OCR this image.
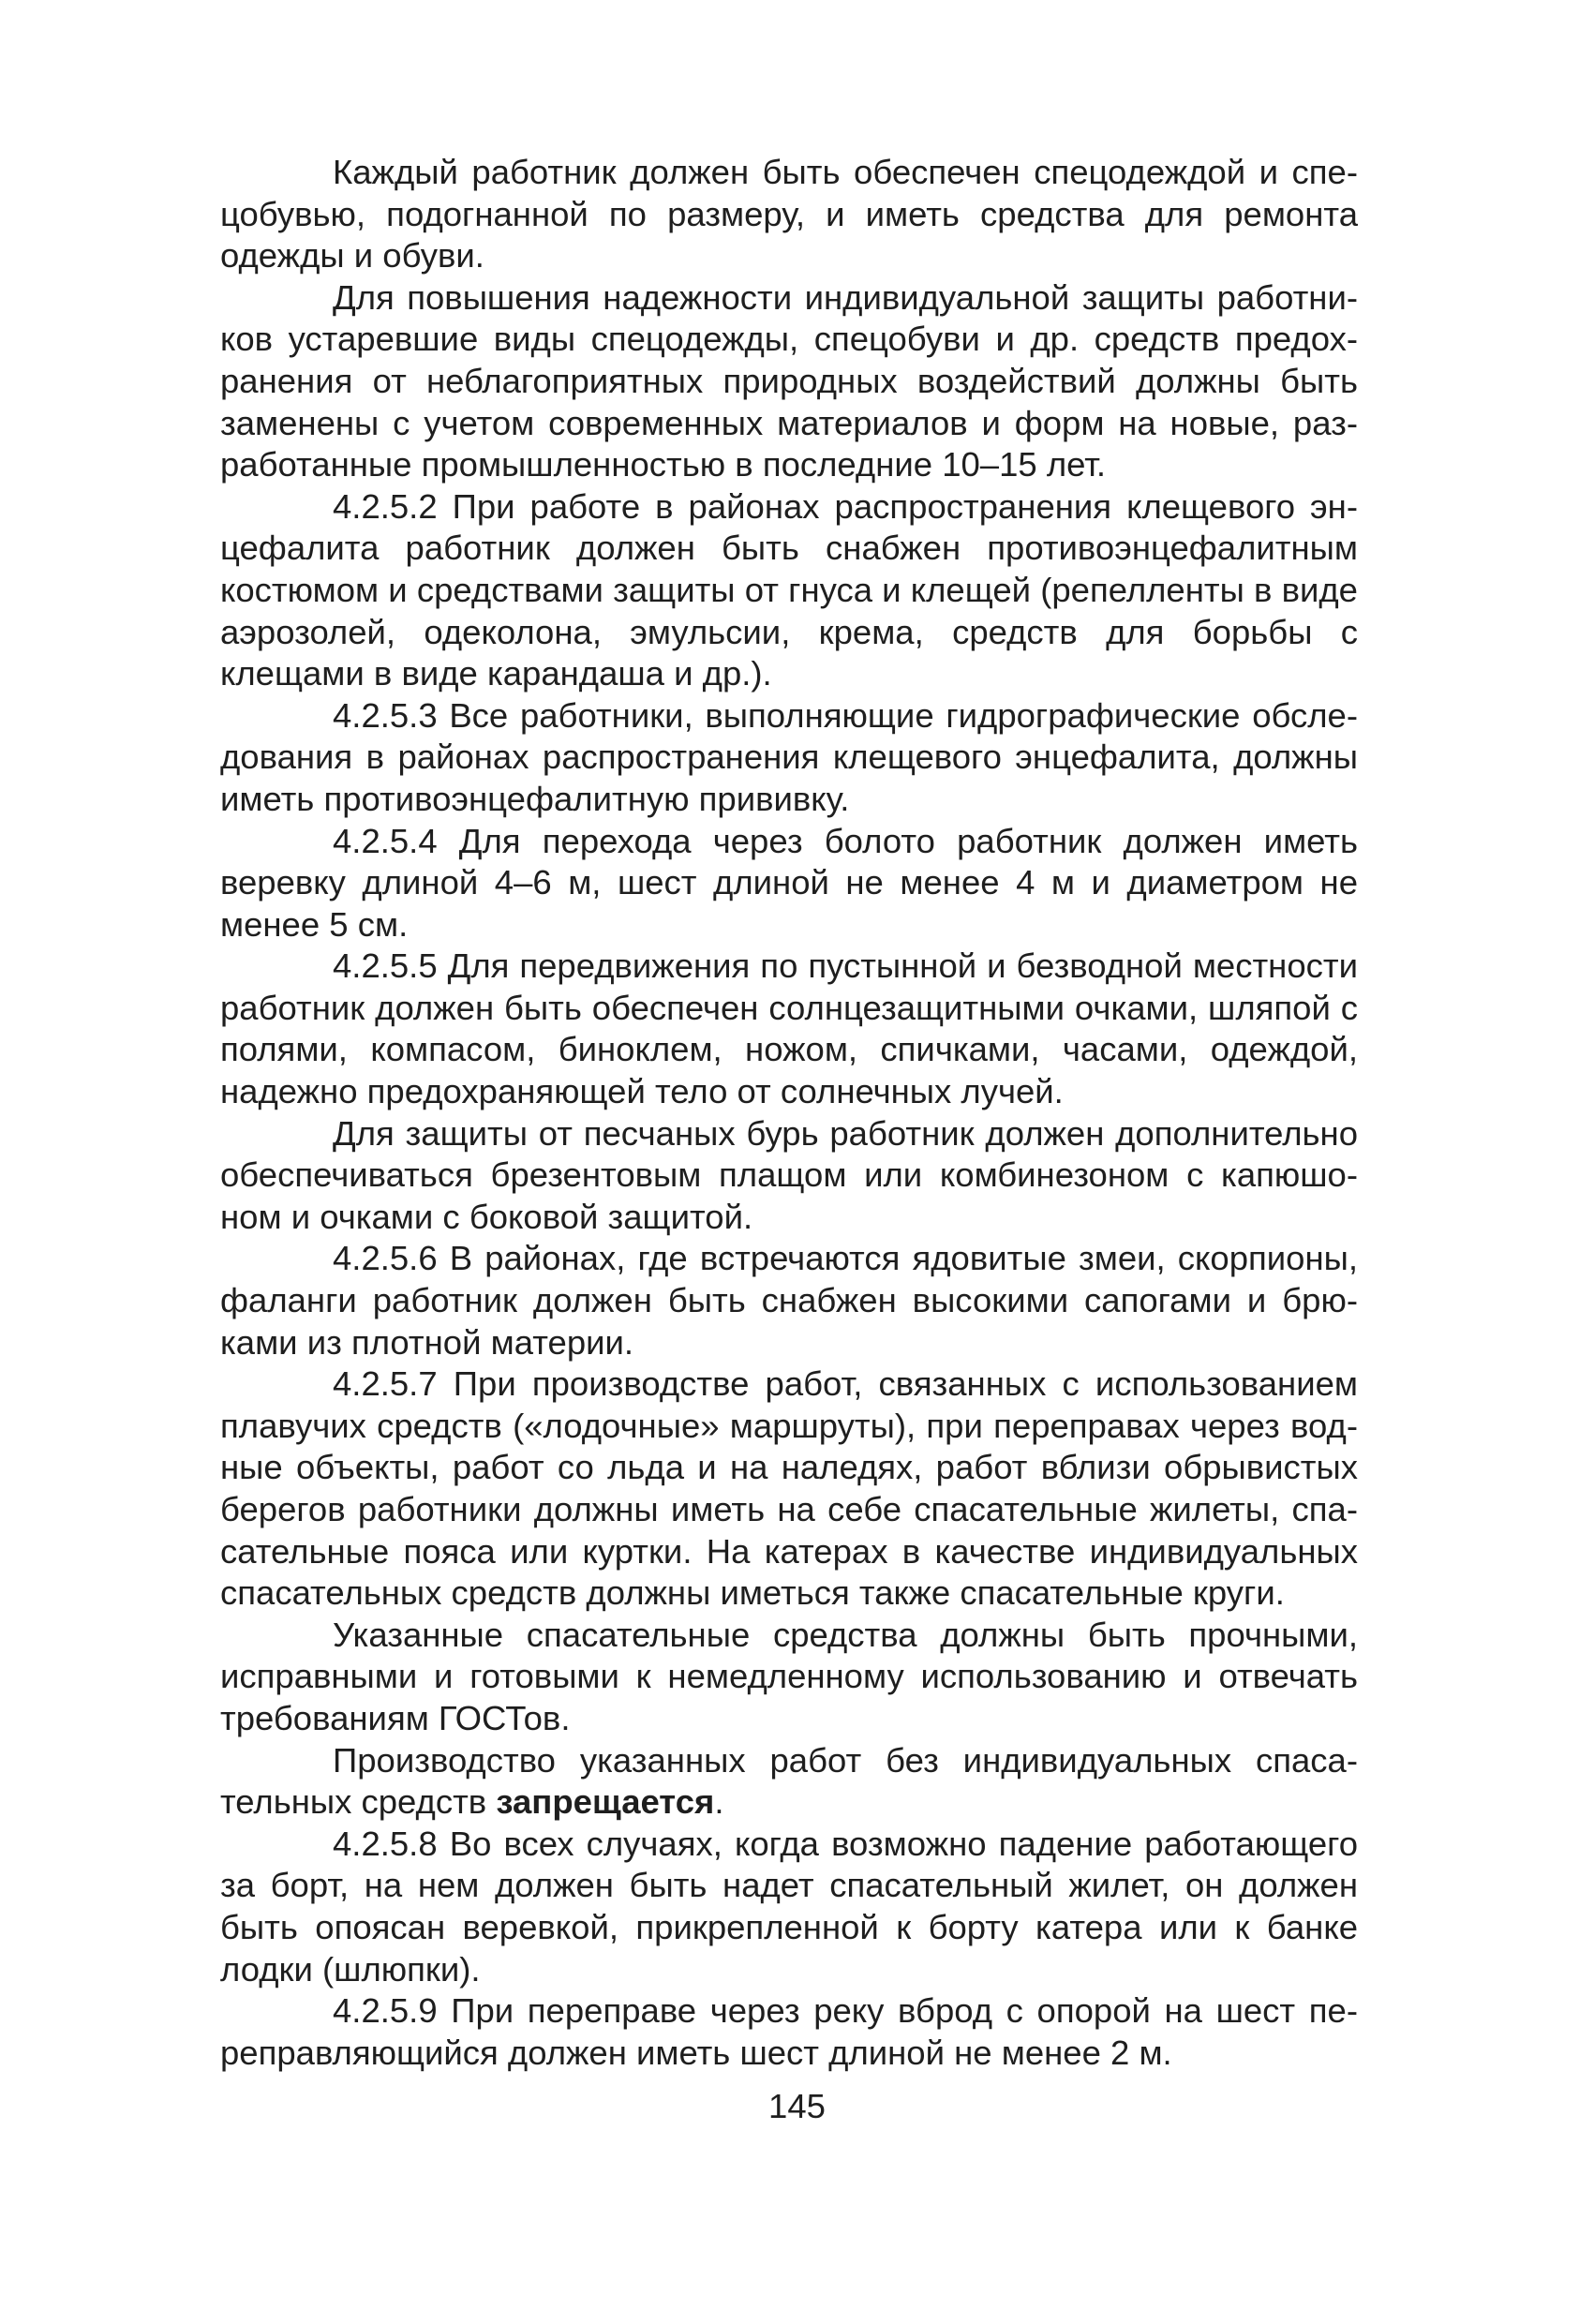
Каждый работник должен быть обеспечен спецодеждой и спецобувью, подогнанной по размеру, и иметь средства для ремонта одежды и обуви.

Для повышения надежности индивидуальной защиты работников устаревшие виды спецодежды, спецобуви и др. средств предохранения от неблагоприятных природных воздействий должны быть заменены с учетом современных материалов и форм на новые, разработанные промышленностью в последние 10–15 лет.

4.2.5.2 При работе в районах распространения клещевого энцефалита работник должен быть снабжен противоэнцефалитным костюмом и средствами защиты от гнуса и клещей (репелленты в виде аэрозолей, одеколона, эмульсии, крема, средств для борьбы с клещами в виде карандаша и др.).

4.2.5.3 Все работники, выполняющие гидрографические обследования в районах распространения клещевого энцефалита, должны иметь противоэнцефалитную прививку.

4.2.5.4 Для перехода через болото работник должен иметь веревку длиной 4–6 м, шест длиной не менее 4 м и диаметром не менее 5 см.

4.2.5.5 Для передвижения по пустынной и безводной местности работник должен быть обеспечен солнцезащитными очками, шляпой с полями, компасом, биноклем, ножом, спичками, часами, одеждой, надежно предохраняющей тело от солнечных лучей.

Для защиты от песчаных бурь работник должен дополнительно обеспечиваться брезентовым плащом или комбинезоном с капюшоном и очками с боковой защитой.

4.2.5.6 В районах, где встречаются ядовитые змеи, скорпионы, фаланги работник должен быть снабжен высокими сапогами и брюками из плотной материи.

4.2.5.7 При производстве работ, связанных с использованием плавучих средств («лодочные» маршруты), при переправах через водные объекты, работ со льда и на наледях, работ вблизи обрывистых берегов работники должны иметь на себе спасательные жилеты, спасательные пояса или куртки. На катерах в качестве индивидуальных спасательных средств должны иметься также спасательные круги.

Указанные спасательные средства должны быть прочными, исправными и готовыми к немедленному использованию и отвечать требованиям ГОСТов.

Производство указанных работ без индивидуальных спасательных средств запрещается.

4.2.5.8 Во всех случаях, когда возможно падение работающего за борт, на нем должен быть надет спасательный жилет, он должен быть опоясан веревкой, прикрепленной к борту катера или к банке лодки (шлюпки).

4.2.5.9 При переправе через реку вброд с опорой на шест переправляющийся должен иметь шест длиной не менее 2 м.

145
